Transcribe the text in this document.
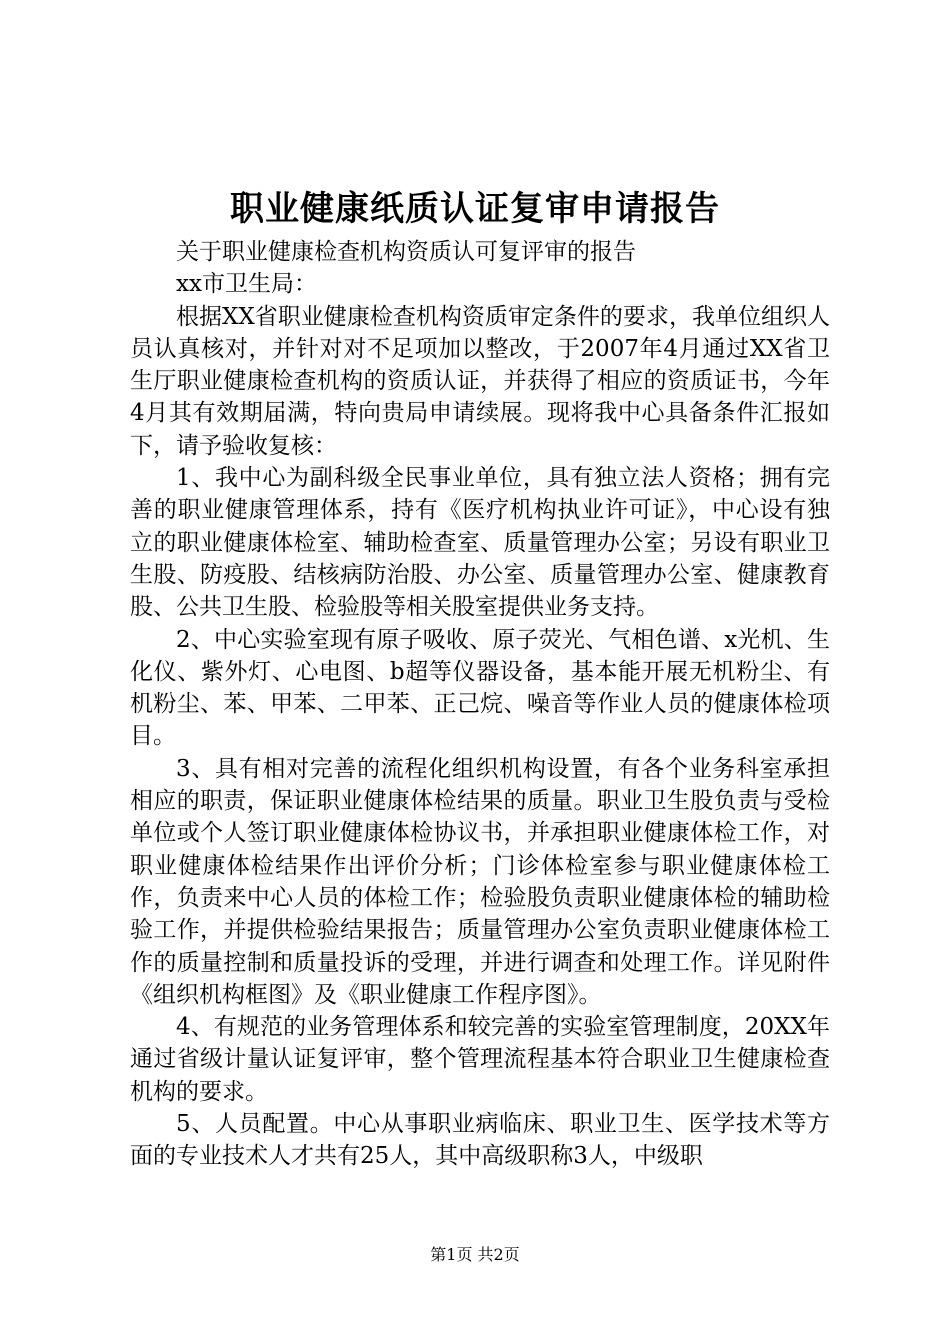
职业健康纸质认证复审申请报告

关于职业健康检查机构资质认可复评审的报告

xx市卫生局：

根据XX省职业健康检查机构资质审定条件的要求，我单位组织人员认真核对，并针对对不足项加以整改，于2007年4月通过XX省卫生厅职业健康检查机构的资质认证，并获得了相应的资质证书，今年4月其有效期届满，特向贵局申请续展。现将我中心具备条件汇报如下，请予验收复核：

1、我中心为副科级全民事业单位，具有独立法人资格；拥有完善的职业健康管理体系，持有《医疗机构执业许可证》，中心设有独立的职业健康体检室、辅助检查室、质量管理办公室；另设有职业卫生股、防疫股、结核病防治股、办公室、质量管理办公室、健康教育股、公共卫生股、检验股等相关股室提供业务支持。

2、中心实验室现有原子吸收、原子荧光、气相色谱、x光机、生化仪、紫外灯、心电图、b超等仪器设备，基本能开展无机粉尘、有机粉尘、苯、甲苯、二甲苯、正己烷、噪音等作业人员的健康体检项目。

3、具有相对完善的流程化组织机构设置，有各个业务科室承担相应的职责，保证职业健康体检结果的质量。职业卫生股负责与受检单位或个人签订职业健康体检协议书，并承担职业健康体检工作，对职业健康体检结果作出评价分析；门诊体检室参与职业健康体检工作，负责来中心人员的体检工作；检验股负责职业健康体检的辅助检验工作，并提供检验结果报告；质量管理办公室负责职业健康体检工作的质量控制和质量投诉的受理，并进行调查和处理工作。详见附件《组织机构框图》及《职业健康工作程序图》。

4、有规范的业务管理体系和较完善的实验室管理制度，20XX年通过省级计量认证复评审，整个管理流程基本符合职业卫生健康检查机构的要求。

5、人员配置。中心从事职业病临床、职业卫生、医学技术等方面的专业技术人才共有25人，其中高级职称3人，中级职

第1页 共2页
